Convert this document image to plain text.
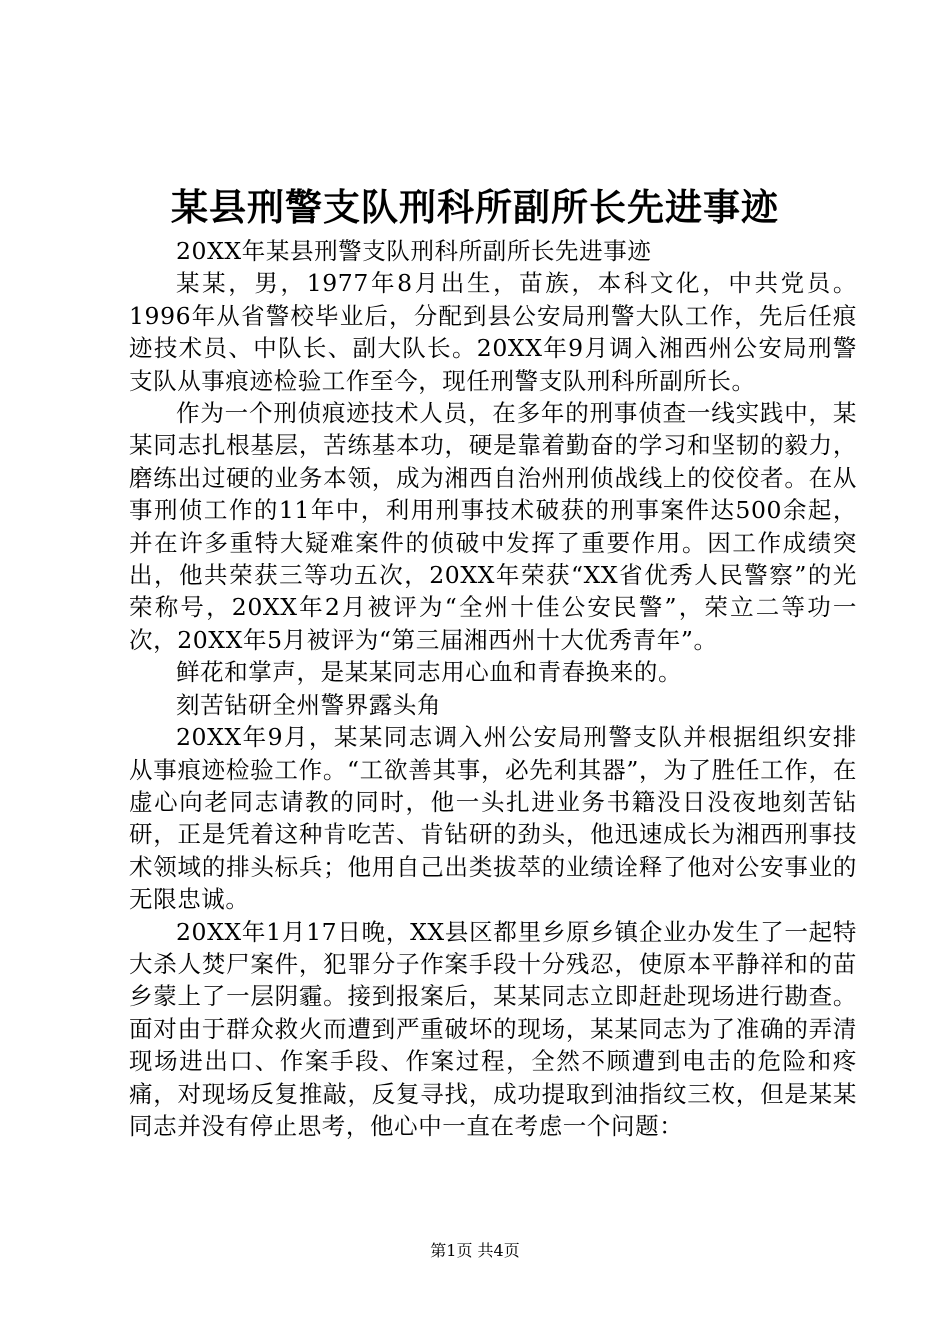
某县刑警支队刑科所副所长先进事迹

20XX年某县刑警支队刑科所副所长先进事迹

某某，男，1977年8月出生，苗族，本科文化，中共党员。1996年从省警校毕业后，分配到县公安局刑警大队工作，先后任痕迹技术员、中队长、副大队长。20XX年9月调入湘西州公安局刑警支队从事痕迹检验工作至今，现任刑警支队刑科所副所长。

作为一个刑侦痕迹技术人员，在多年的刑事侦查一线实践中，某某同志扎根基层，苦练基本功，硬是靠着勤奋的学习和坚韧的毅力，磨练出过硬的业务本领，成为湘西自治州刑侦战线上的佼佼者。在从事刑侦工作的11年中，利用刑事技术破获的刑事案件达500余起，并在许多重特大疑难案件的侦破中发挥了重要作用。因工作成绩突出，他共荣获三等功五次，20XX年荣获“XX省优秀人民警察”的光荣称号，20XX年2月被评为“全州十佳公安民警”，荣立二等功一次，20XX年5月被评为“第三届湘西州十大优秀青年”。

鲜花和掌声，是某某同志用心血和青春换来的。

刻苦钻研全州警界露头角

20XX年9月，某某同志调入州公安局刑警支队并根据组织安排从事痕迹检验工作。“工欲善其事，必先利其器”，为了胜任工作，在虚心向老同志请教的同时，他一头扎进业务书籍没日没夜地刻苦钻研，正是凭着这种肯吃苦、肯钻研的劲头，他迅速成长为湘西刑事技术领域的排头标兵；他用自己出类拔萃的业绩诠释了他对公安事业的无限忠诚。

20XX年1月17日晚，XX县区都里乡原乡镇企业办发生了一起特大杀人焚尸案件，犯罪分子作案手段十分残忍，使原本平静祥和的苗乡蒙上了一层阴霾。接到报案后，某某同志立即赶赴现场进行勘查。面对由于群众救火而遭到严重破坏的现场，某某同志为了准确的弄清现场进出口、作案手段、作案过程，全然不顾遭到电击的危险和疼痛，对现场反复推敲，反复寻找，成功提取到油指纹三枚，但是某某同志并没有停止思考，他心中一直在考虑一个问题：

第1页 共4页
